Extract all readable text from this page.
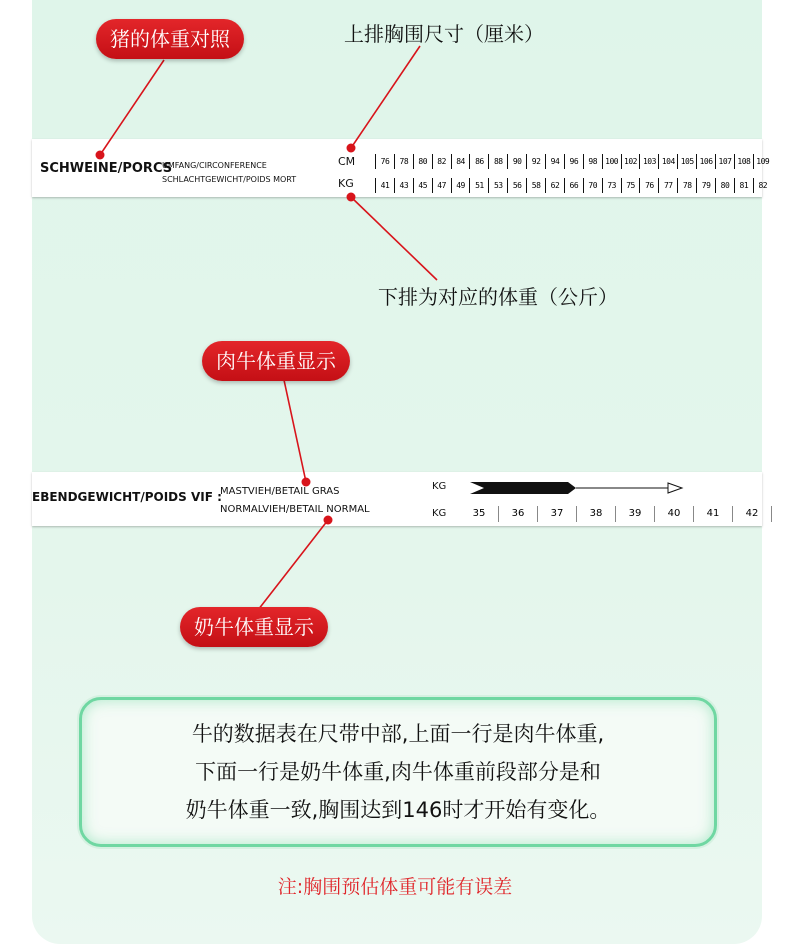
SCHWEINE/PORCS
UMFANG/CIRCONFERENCE
SCHLACHTGEWICHT/POIDS MORT
CM
KG
76	78	80	82	84	86	88	90	92	94	96	98	100 102 103 104 105 106 107 108 109
41	43	45	47	49	51	53	56	58	62	66	70	73	75	76	77	78	79	80	81	82
EBENDGEWICHT/POIDS VIF :
MASTVIEH/BETAIL GRAS
NORMALVIEH/BETAIL NORMAL
KG
KG	35	36	37	38	39	40	41	42
猪的体重对照	上排胸围尺寸（厘米）
下排为对应的体重（公斤）
肉牛体重显示
奶牛体重显示

牛的数据表在尺带中部,上面一行是肉牛体重,

下面一行是奶牛体重,肉牛体重前段部分是和

奶牛体重一致,胸围达到146时才开始有变化。

注:胸围预估体重可能有误差
